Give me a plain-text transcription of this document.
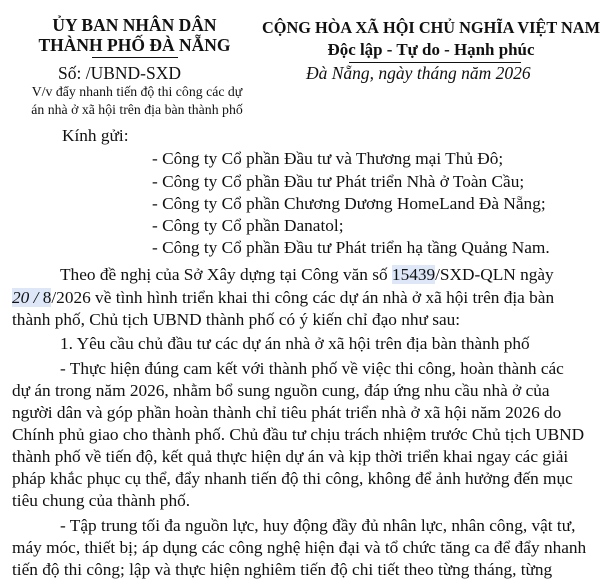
ỦY BAN NHÂN DÂN
THÀNH PHỐ ĐÀ NẴNG
Số: /UBND-SXD
V/v đẩy nhanh tiến độ thi công các dự
án nhà ở xã hội trên địa bàn thành phố
CỘNG HÒA XÃ HỘI CHỦ NGHĨA VIỆT NAM
Độc lập - Tự do - Hạnh phúc
Đà Nẵng, ngày tháng năm 2026
Kính gửi:
- Công ty Cổ phần Đầu tư và Thương mại Thủ Đô;
- Công ty Cổ phần Đầu tư Phát triển Nhà ở Toàn Cầu;
- Công ty Cổ phần Chương Dương HomeLand Đà Nẵng;
- Công ty Cổ phần Danatol;
- Công ty Cổ phần Đầu tư Phát triển hạ tầng Quảng Nam.
Theo đề nghị của Sở Xây dựng tại Công văn số 15439/SXD-QLN ngày
20 / 8/2026 về tình hình triển khai thi công các dự án nhà ở xã hội trên địa bàn
thành phố, Chủ tịch UBND thành phố có ý kiến chỉ đạo như sau:
1. Yêu cầu chủ đầu tư các dự án nhà ở xã hội trên địa bàn thành phố
- Thực hiện đúng cam kết với thành phố về việc thi công, hoàn thành các
dự án trong năm 2026, nhằm bổ sung nguồn cung, đáp ứng nhu cầu nhà ở của
người dân và góp phần hoàn thành chỉ tiêu phát triển nhà ở xã hội năm 2026 do
Chính phủ giao cho thành phố. Chủ đầu tư chịu trách nhiệm trước Chủ tịch UBND
thành phố về tiến độ, kết quả thực hiện dự án và kịp thời triển khai ngay các giải
pháp khắc phục cụ thể, đẩy nhanh tiến độ thi công, không để ảnh hưởng đến mục
tiêu chung của thành phố.
- Tập trung tối đa nguồn lực, huy động đầy đủ nhân lực, nhân công, vật tư,
máy móc, thiết bị; áp dụng các công nghệ hiện đại và tổ chức tăng ca để đẩy nhanh
tiến độ thi công; lập và thực hiện nghiêm tiến độ chi tiết theo từng tháng, từng
